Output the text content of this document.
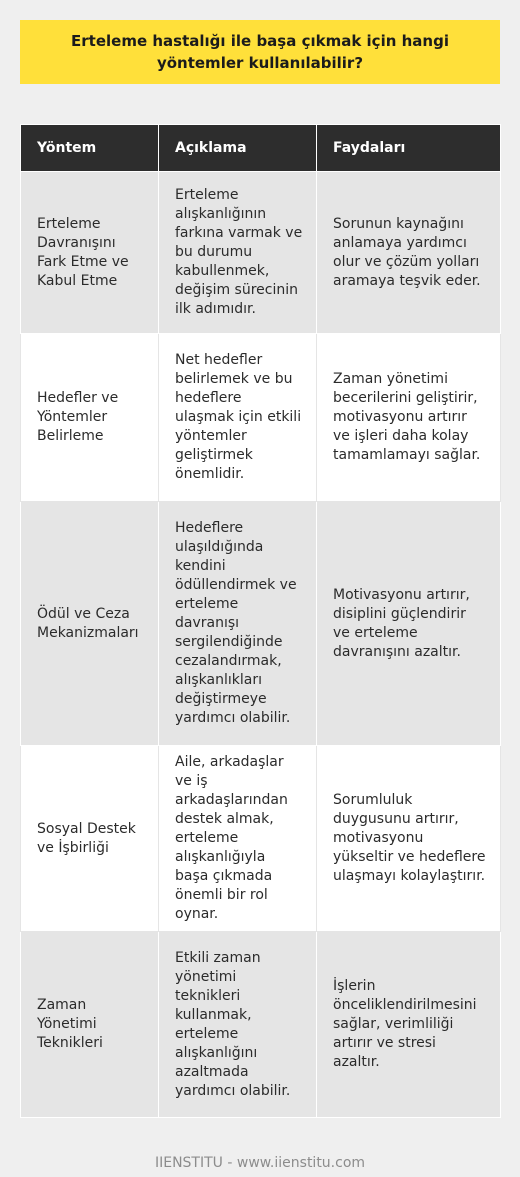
Erteleme hastalığı ile başa çıkmak için hangi yöntemler kullanılabilir?
Yöntem	Açıklama	Faydaları
Erteleme Davranışını Fark Etme ve Kabul Etme	Erteleme alışkanlığının farkına varmak ve bu durumu kabullenmek, değişim sürecinin ilk adımıdır.	Sorunun kaynağını anlamaya yardımcı olur ve çözüm yolları aramaya teşvik eder.
Hedefler ve Yöntemler Belirleme	Net hedefler belirlemek ve bu hedeflere ulaşmak için etkili yöntemler geliştirmek önemlidir.	Zaman yönetimi becerilerini geliştirir, motivasyonu artırır ve işleri daha kolay tamamlamayı sağlar.
Ödül ve Ceza Mekanizmaları	Hedeflere ulaşıldığında kendini ödüllendirmek ve erteleme davranışı sergilendiğinde cezalandırmak, alışkanlıkları değiştirmeye yardımcı olabilir.	Motivasyonu artırır, disiplini güçlendirir ve erteleme davranışını azaltır.
Sosyal Destek ve İşbirliği	Aile, arkadaşlar ve iş arkadaşlarından destek almak, erteleme alışkanlığıyla başa çıkmada önemli bir rol oynar.	Sorumluluk duygusunu artırır, motivasyonu yükseltir ve hedeflere ulaşmayı kolaylaştırır.
Zaman Yönetimi Teknikleri	Etkili zaman yönetimi teknikleri kullanmak, erteleme alışkanlığını azaltmada yardımcı olabilir.	İşlerin önceliklendirilmesini sağlar, verimliliği artırır ve stresi azaltır.
IIENSTITU - www.iienstitu.com
